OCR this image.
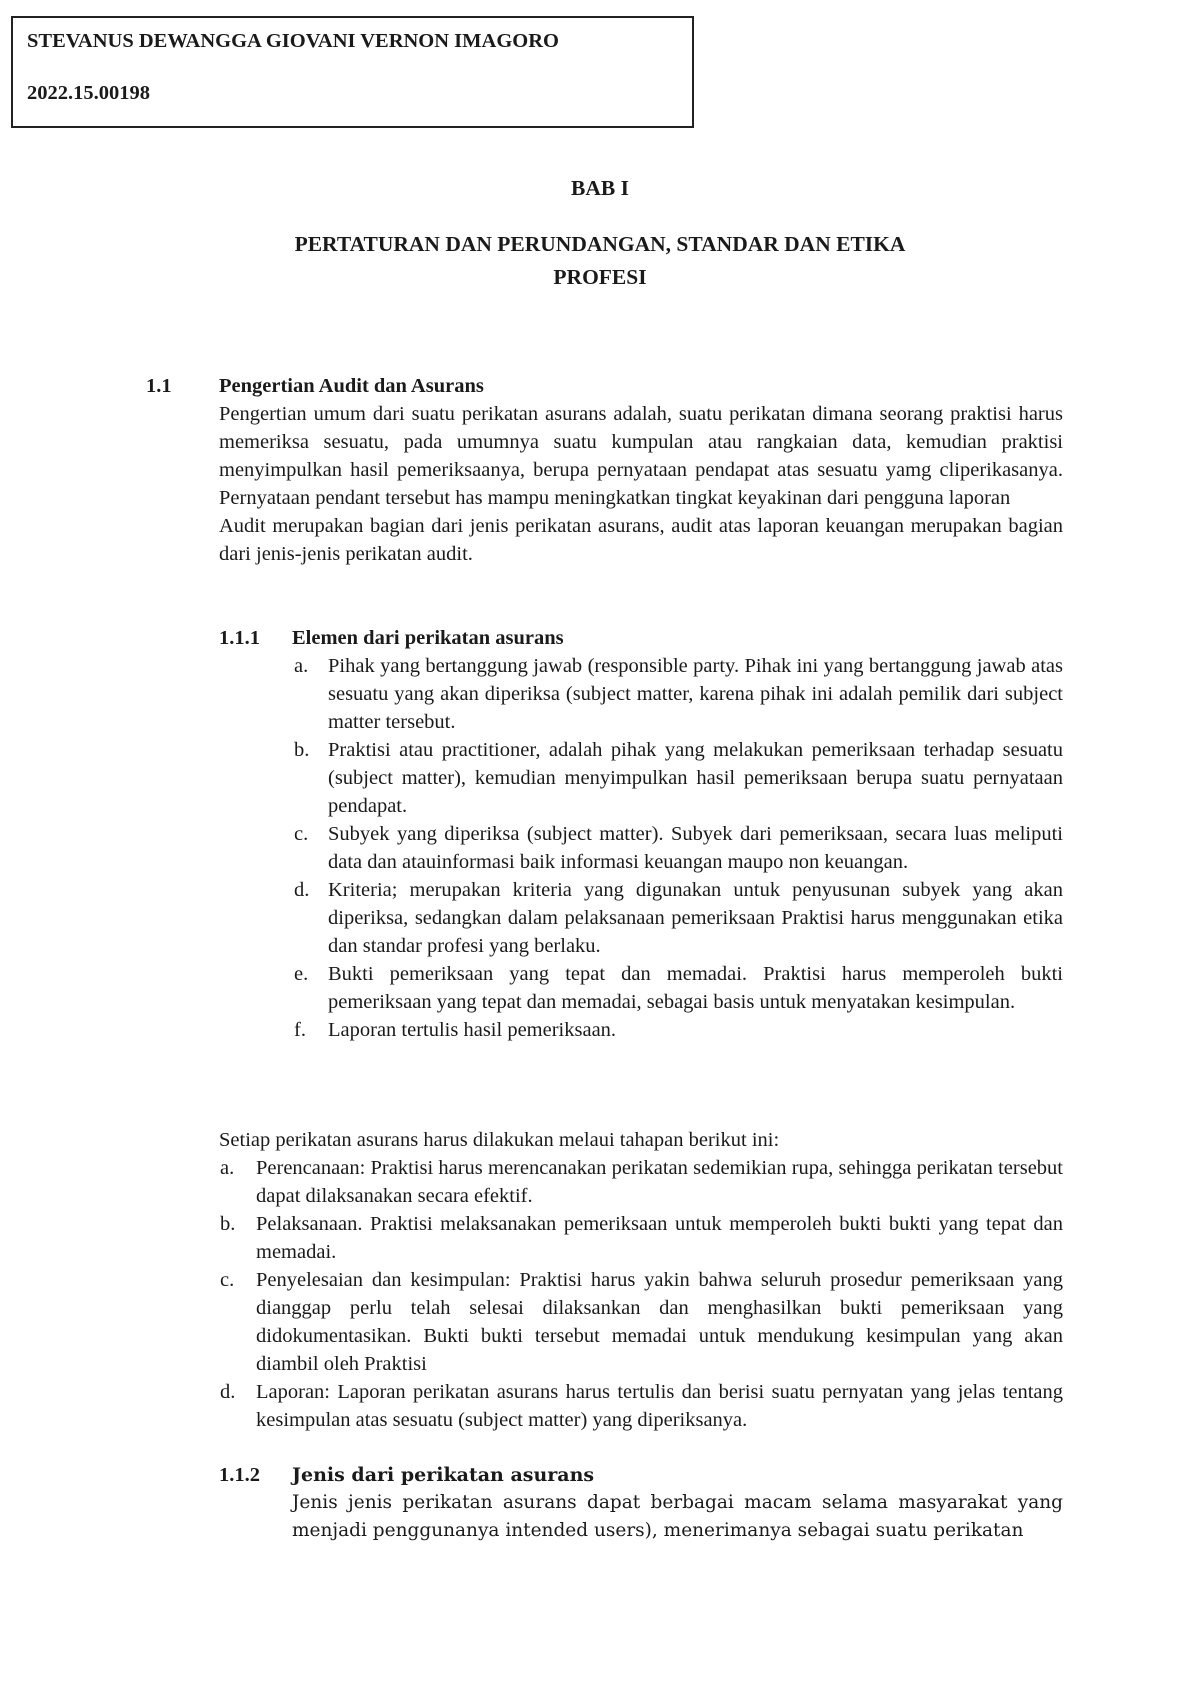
STEVANUS DEWANGGA GIOVANI VERNON IMAGORO
2022.15.00198
BAB I
PERTATURAN DAN PERUNDANGAN, STANDAR DAN ETIKA
PROFESI
1.1 Pengertian Audit dan Asurans

Pengertian umum dari suatu perikatan asurans adalah, suatu perikatan dimana seorang praktisi harus memeriksa sesuatu, pada umumnya suatu kumpulan atau rangkaian data, kemudian praktisi menyimpulkan hasil pemeriksaanya, berupa pernyataan pendapat atas sesuatu yamg cliperikasanya. Pernyataan pendant tersebut has mampu meningkatkan tingkat keyakinan dari pengguna laporan

Audit merupakan bagian dari jenis perikatan asurans, audit atas laporan keuangan merupakan bagian dari jenis-jenis perikatan audit.

1.1.1 Elemen dari perikatan asurans
a. Pihak yang bertanggung jawab (responsible party. Pihak ini yang bertanggung jawab atas sesuatu yang akan diperiksa (subject matter, karena pihak ini adalah pemilik dari subject matter tersebut.

b. Praktisi atau practitioner, adalah pihak yang melakukan pemeriksaan terhadap sesuatu (subject matter), kemudian menyimpulkan hasil pemeriksaan berupa suatu pernyataan pendapat.

c. Subyek yang diperiksa (subject matter). Subyek dari pemeriksaan, secara luas meliputi data dan atauinformasi baik informasi keuangan maupo non keuangan.

d. Kriteria; merupakan kriteria yang digunakan untuk penyusunan subyek yang akan diperiksa, sedangkan dalam pelaksanaan pemeriksaan Praktisi harus menggunakan etika dan standar profesi yang berlaku.

e. Bukti pemeriksaan yang tepat dan memadai. Praktisi harus memperoleh bukti pemeriksaan yang tepat dan memadai, sebagai basis untuk menyatakan kesimpulan.

f. Laporan tertulis hasil pemeriksaan.

Setiap perikatan asurans harus dilakukan melaui tahapan berikut ini:
a. Perencanaan: Praktisi harus merencanakan perikatan sedemikian rupa, sehingga perikatan tersebut dapat dilaksanakan secara efektif.

b. Pelaksanaan. Praktisi melaksanakan pemeriksaan untuk memperoleh bukti bukti yang tepat dan memadai.

c. Penyelesaian dan kesimpulan: Praktisi harus yakin bahwa seluruh prosedur pemeriksaan yang dianggap perlu telah selesai dilaksankan dan menghasilkan bukti pemeriksaan yang didokumentasikan. Bukti bukti tersebut memadai untuk mendukung kesimpulan yang akan diambil oleh Praktisi

d. Laporan: Laporan perikatan asurans harus tertulis dan berisi suatu pernyatan yang jelas tentang kesimpulan atas sesuatu (subject matter) yang diperiksanya.

1.1.2 Jenis dari perikatan asurans

Jenis jenis perikatan asurans dapat berbagai macam selama masyarakat yang menjadi penggunanya intended users), menerimanya sebagai suatu perikatan
